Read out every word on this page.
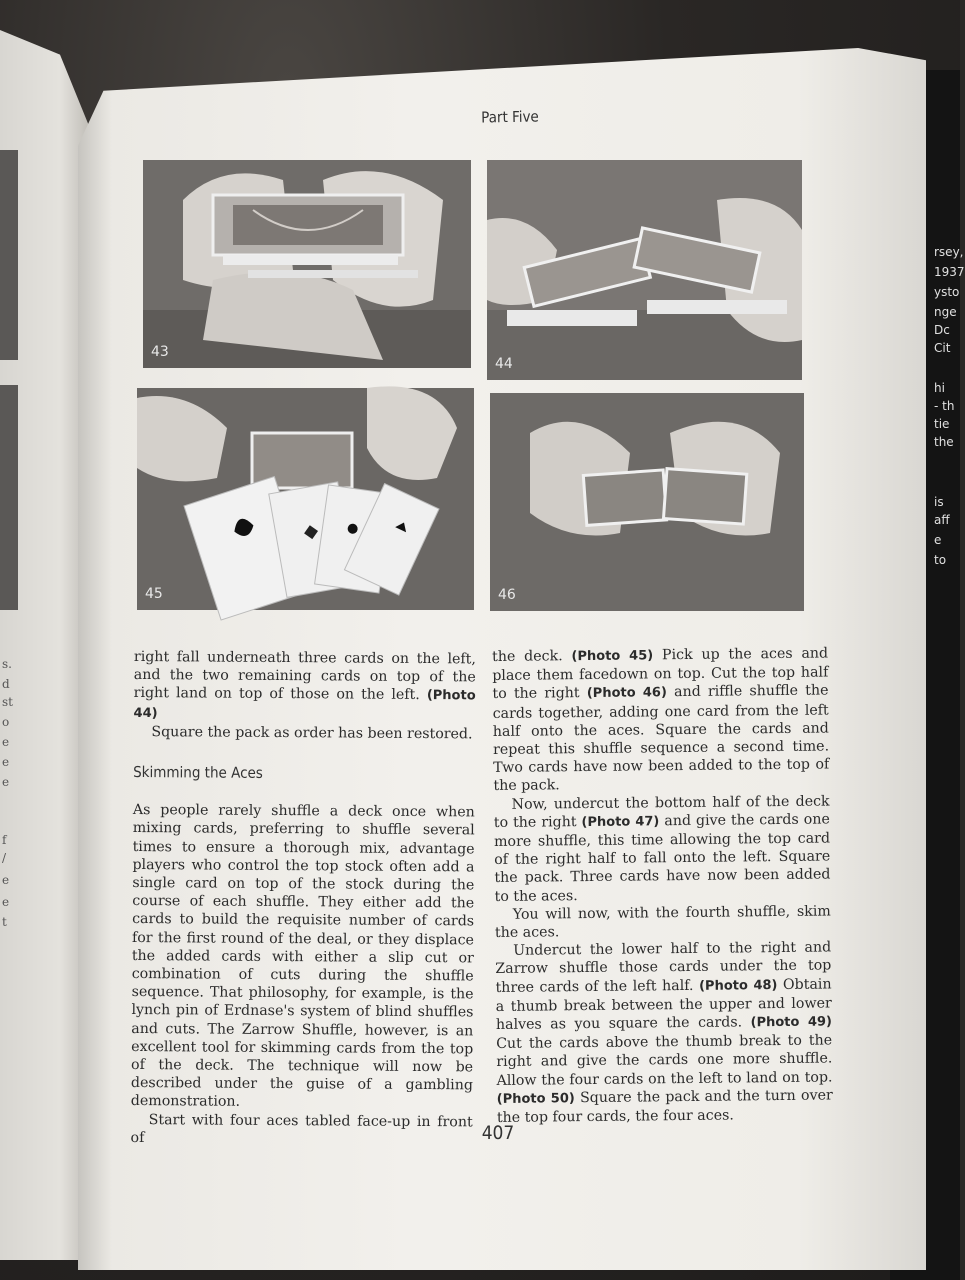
s.
d
st
o
e
e
e
f
/
e
e
t
rsey,
1937
ysto
nge
Dc
Cit
hi
- th
tie
the
is
aff
e
to
Part Five
43
44
45	46

right fall underneath three cards on the left, and the two remaining cards on top of the right land on top of those on the left. (Photo 44)

Square the pack as order has been restored.

Skimming the Aces

As people rarely shuffle a deck once when mixing cards, preferring to shuffle several times to ensure a thorough mix, advantage players who control the top stock often add a single card on top of the stock during the course of each shuffle. They either add the cards to build the requisite number of cards for the first round of the deal, or they displace the added cards with either a slip cut or combination of cuts during the shuffle sequence. That philosophy, for example, is the lynch pin of Erdnase's system of blind shuffles and cuts. The Zarrow Shuffle, however, is an excellent tool for skimming cards from the top of the deck. The technique will now be described under the guise of a gambling demonstration.

Start with four aces tabled face-up in front of

the deck. (Photo 45) Pick up the aces and place them facedown on top. Cut the top half to the right (Photo 46) and riffle shuffle the cards together, adding one card from the left half onto the aces. Square the cards and repeat this shuffle sequence a second time. Two cards have now been added to the top of the pack.

Now, undercut the bottom half of the deck to the right (Photo 47) and give the cards one more shuffle, this time allowing the top card of the right half to fall onto the left. Square the pack. Three cards have now been added to the aces.

You will now, with the fourth shuffle, skim the aces.

Undercut the lower half to the right and Zarrow shuffle those cards under the top three cards of the left half. (Photo 48) Obtain a thumb break between the upper and lower halves as you square the cards. (Photo 49) Cut the cards above the thumb break to the right and give the cards one more shuffle. Allow the four cards on the left to land on top. (Photo 50) Square the pack and the turn over the top four cards, the four aces.

407
